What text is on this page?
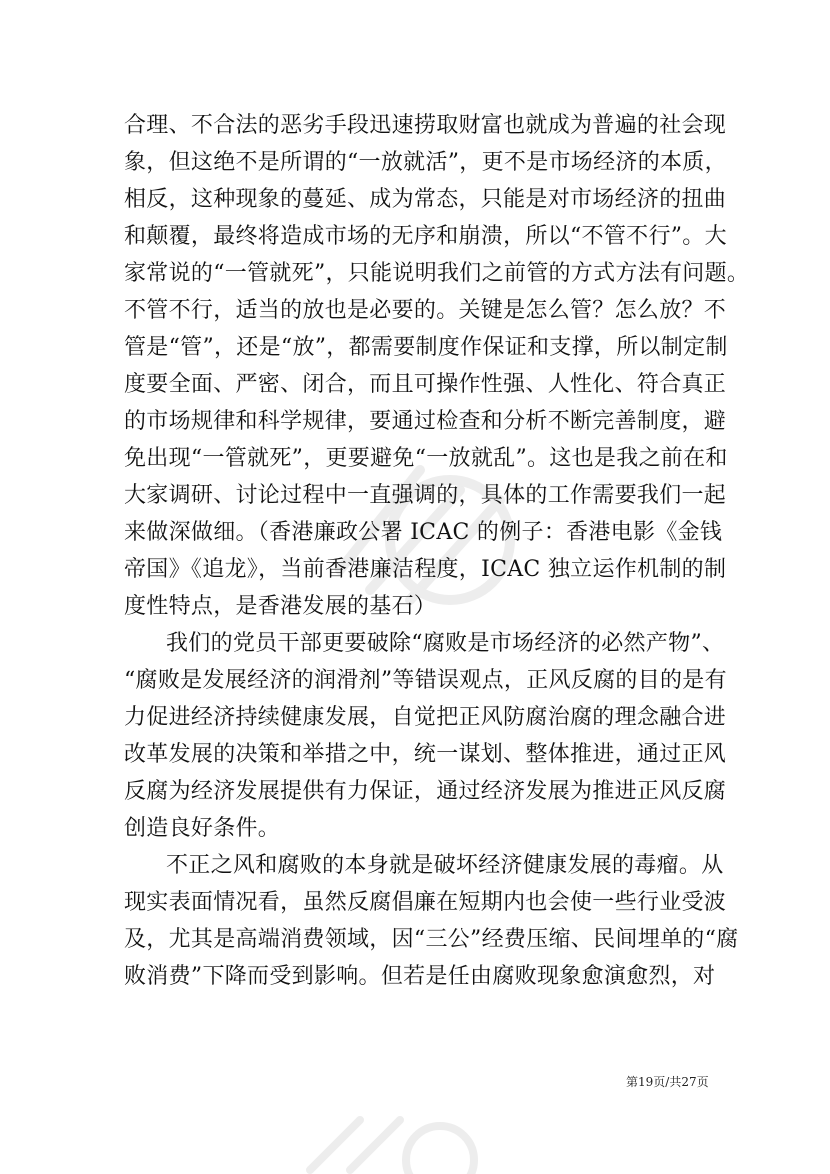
合理、不合法的恶劣手段迅速捞取财富也就成为普遍的社会现
象，但这绝不是所谓的“一放就活”，更不是市场经济的本质，
相反，这种现象的蔓延、成为常态，只能是对市场经济的扭曲
和颠覆，最终将造成市场的无序和崩溃，所以“不管不行”。大
家常说的“一管就死”，只能说明我们之前管的方式方法有问题。
不管不行，适当的放也是必要的。关键是怎么管？怎么放？不
管是“管”，还是“放”，都需要制度作保证和支撑，所以制定制
度要全面、严密、闭合，而且可操作性强、人性化、符合真正
的市场规律和科学规律，要通过检查和分析不断完善制度，避
免出现“一管就死”，更要避免“一放就乱”。这也是我之前在和
大家调研、讨论过程中一直强调的，具体的工作需要我们一起
来做深做细。（香港廉政公署 ICAC 的例子：香港电影《金钱
帝国》《追龙》，当前香港廉洁程度，ICAC 独立运作机制的制
度性特点，是香港发展的基石）
我们的党员干部更要破除“腐败是市场经济的必然产物”、
“腐败是发展经济的润滑剂”等错误观点，正风反腐的目的是有
力促进经济持续健康发展，自觉把正风防腐治腐的理念融合进
改革发展的决策和举措之中，统一谋划、整体推进，通过正风
反腐为经济发展提供有力保证，通过经济发展为推进正风反腐
创造良好条件。
不正之风和腐败的本身就是破坏经济健康发展的毒瘤。从
现实表面情况看，虽然反腐倡廉在短期内也会使一些行业受波
及，尤其是高端消费领域，因“三公”经费压缩、民间埋单的“腐
败消费”下降而受到影响。但若是任由腐败现象愈演愈烈，对
第19页/共27页
